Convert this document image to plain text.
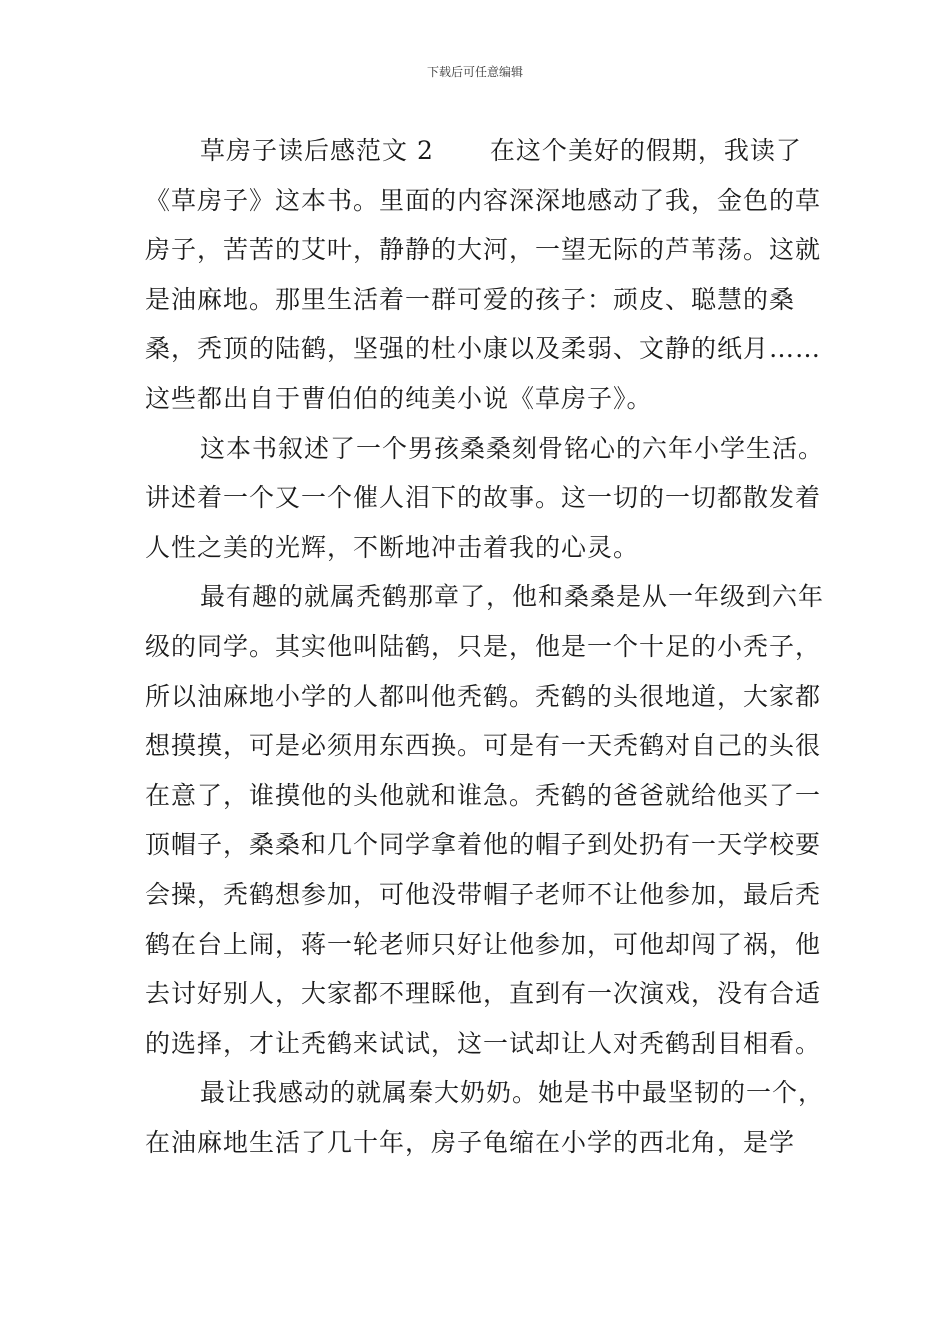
下载后可任意编辑

草房子读后感范文 2 在这个美好的假期，我读了《草房子》这本书。里面的内容深深地感动了我，金色的草房子，苦苦的艾叶，静静的大河，一望无际的芦苇荡。这就是油麻地。那里生活着一群可爱的孩子：顽皮、聪慧的桑桑，秃顶的陆鹤，坚强的杜小康以及柔弱、文静的纸月……这些都出自于曹伯伯的纯美小说《草房子》。

这本书叙述了一个男孩桑桑刻骨铭心的六年小学生活。讲述着一个又一个催人泪下的故事。这一切的一切都散发着人性之美的光辉，不断地冲击着我的心灵。

最有趣的就属秃鹤那章了，他和桑桑是从一年级到六年级的同学。其实他叫陆鹤，只是，他是一个十足的小秃子，所以油麻地小学的人都叫他秃鹤。秃鹤的头很地道，大家都想摸摸，可是必须用东西换。可是有一天秃鹤对自己的头很在意了，谁摸他的头他就和谁急。秃鹤的爸爸就给他买了一顶帽子，桑桑和几个同学拿着他的帽子到处扔有一天学校要会操，秃鹤想参加，可他没带帽子老师不让他参加，最后秃鹤在台上闹，蒋一轮老师只好让他参加，可他却闯了祸，他去讨好别人，大家都不理睬他，直到有一次演戏，没有合适的选择，才让秃鹤来试试，这一试却让人对秃鹤刮目相看。

最让我感动的就属秦大奶奶。她是书中最坚韧的一个，在油麻地生活了几十年，房子龟缩在小学的西北角，是学
